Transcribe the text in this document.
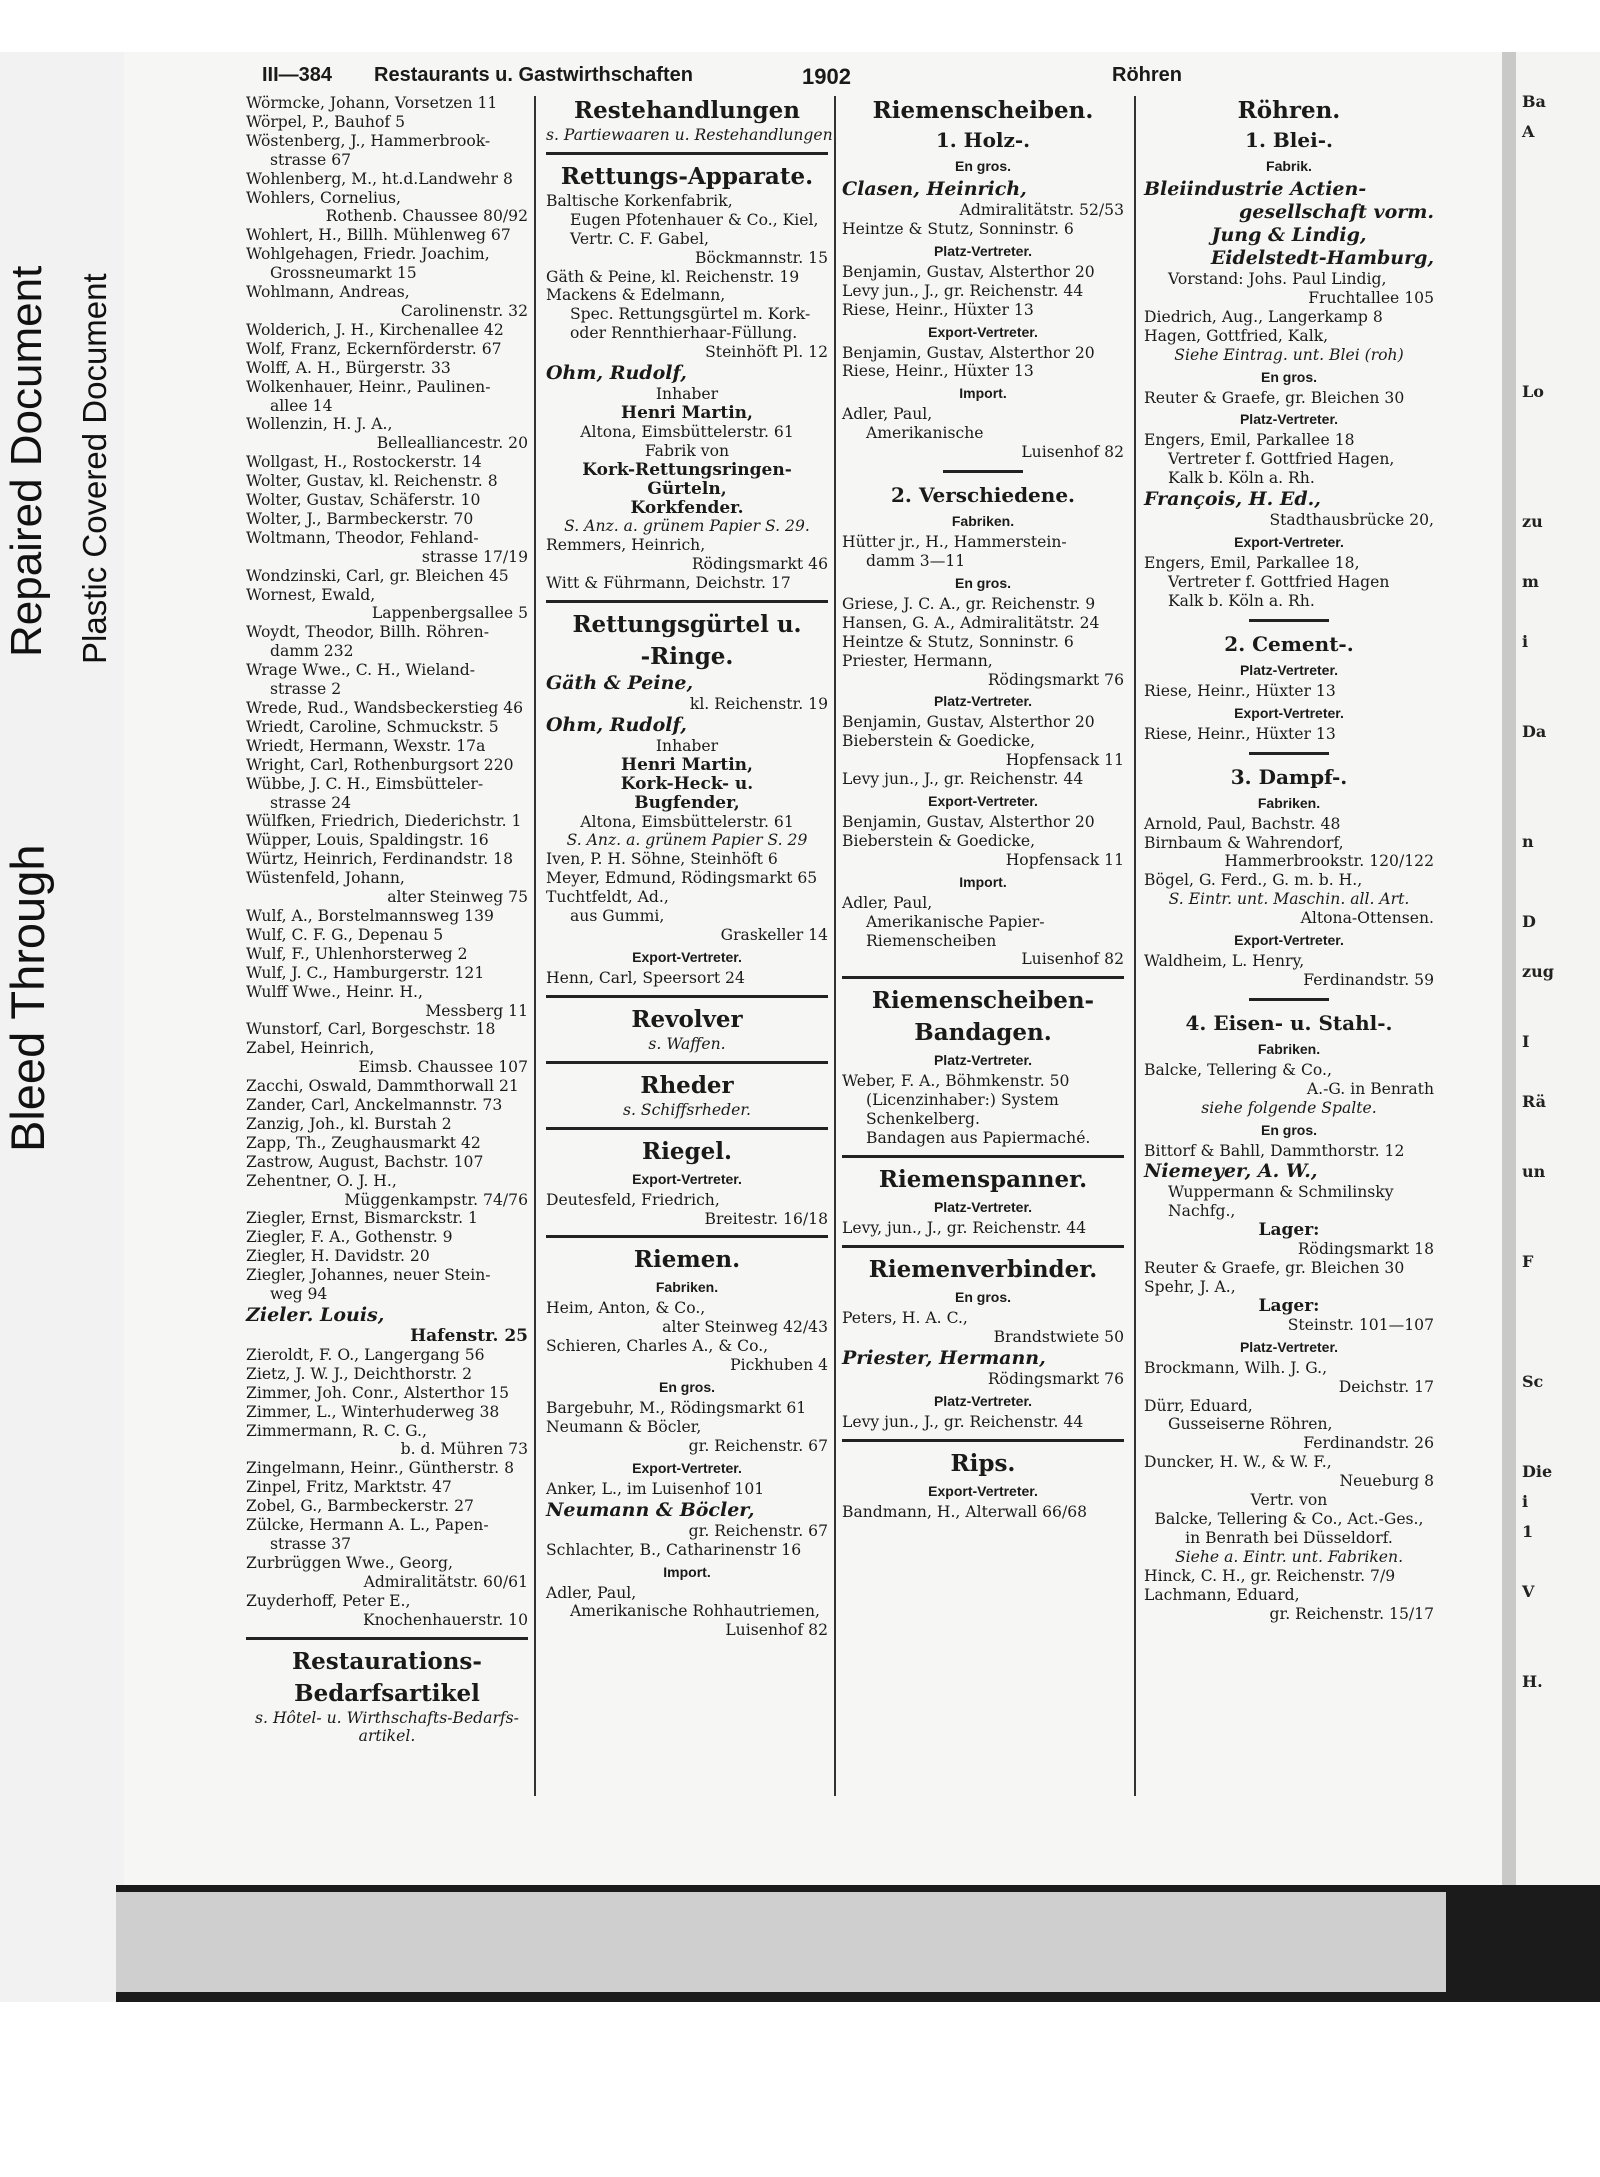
Bleed Through
Repaired Document Plastic Covered Document
Ba
A
Lo
zu
m
i
Da
n
D
zug
I
Rä
un
F
Sc
Die
i
1
V
H.
III—384 Restaurants u. Gastwirthschaften	1902	Röhren
Wörmcke, Johann, Vorsetzen 11
Wörpel, P., Bauhof 5
Wöstenberg, J., Hammerbrook-
strasse 67
Wohlenberg, M., ht.d.Landwehr 8
Wohlers, Cornelius,
Rothenb. Chaussee 80/92
Wohlert, H., Billh. Mühlenweg 67
Wohlgehagen, Friedr. Joachim,
Grossneumarkt 15
Wohlmann, Andreas,
Carolinenstr. 32
Wolderich, J. H., Kirchenallee 42
Wolf, Franz, Eckernförderstr. 67
Wolff, A. H., Bürgerstr. 33
Wolkenhauer, Heinr., Paulinen-
allee 14
Wollenzin, H. J. A.,
Bellealliancestr. 20
Wollgast, H., Rostockerstr. 14
Wolter, Gustav, kl. Reichenstr. 8
Wolter, Gustav, Schäferstr. 10
Wolter, J., Barmbeckerstr. 70
Woltmann, Theodor, Fehland-
strasse 17/19
Wondzinski, Carl, gr. Bleichen 45
Wornest, Ewald,
Lappenbergsallee 5
Woydt, Theodor, Billh. Röhren-
damm 232
Wrage Wwe., C. H., Wieland-
strasse 2
Wrede, Rud., Wandsbeckerstieg 46
Wriedt, Caroline, Schmuckstr. 5
Wriedt, Hermann, Wexstr. 17a
Wright, Carl, Rothenburgsort 220
Wübbe, J. C. H., Eimsbütteler-
strasse 24
Wülfken, Friedrich, Diederichstr. 1
Wüpper, Louis, Spaldingstr. 16
Würtz, Heinrich, Ferdinandstr. 18
Wüstenfeld, Johann,
alter Steinweg 75
Wulf, A., Borstelmannsweg 139
Wulf, C. F. G., Depenau 5
Wulf, F., Uhlenhorsterweg 2
Wulf, J. C., Hamburgerstr. 121
Wulff Wwe., Heinr. H.,
Messberg 11
Wunstorf, Carl, Borgeschstr. 18
Zabel, Heinrich,
Eimsb. Chaussee 107
Zacchi, Oswald, Dammthorwall 21
Zander, Carl, Anckelmannstr. 73
Zanzig, Joh., kl. Burstah 2
Zapp, Th., Zeughausmarkt 42
Zastrow, August, Bachstr. 107
Zehentner, O. J. H.,
Müggenkampstr. 74/76
Ziegler, Ernst, Bismarckstr. 1
Ziegler, F. A., Gothenstr. 9
Ziegler, H. Davidstr. 20
Ziegler, Johannes, neuer Stein-
weg 94
Zieler. Louis,
Hafenstr. 25
Zieroldt, F. O., Langergang 56
Zietz, J. W. J., Deichthorstr. 2
Zimmer, Joh. Conr., Alsterthor 15
Zimmer, L., Winterhuderweg 38
Zimmermann, R. C. G.,
b. d. Mühren 73
Zingelmann, Heinr., Güntherstr. 8
Zinpel, Fritz, Marktstr. 47
Zobel, G., Barmbeckerstr. 27
Zülcke, Hermann A. L., Papen-
strasse 37
Zurbrüggen Wwe., Georg,
Admiralitätstr. 60/61
Zuyderhoff, Peter E.,
Knochenhauerstr. 10
Restaurations-
Bedarfsartikel
s. Hôtel- u. Wirthschafts-Bedarfs-
artikel.
Restehandlungen
s. Partiewaaren u. Restehandlungen.
Rettungs-Apparate.
Baltische Korkenfabrik,
Eugen Pfotenhauer & Co., Kiel,
Vertr. C. F. Gabel,
Böckmannstr. 15
Gäth & Peine, kl. Reichenstr. 19
Mackens & Edelmann,
Spec. Rettungsgürtel m. Kork-
oder Rennthierhaar-Füllung.
Steinhöft Pl. 12
Ohm, Rudolf,
Inhaber
Henri Martin,
Altona, Eimsbüttelerstr. 61
Fabrik von
Kork-Rettungsringen-
Gürteln,
Korkfender.
S. Anz. a. grünem Papier S. 29.
Remmers, Heinrich,
Rödingsmarkt 46
Witt & Führmann, Deichstr. 17
Rettungsgürtel u.
-Ringe.
Gäth & Peine,
kl. Reichenstr. 19
Ohm, Rudolf,
Inhaber
Henri Martin,
Kork-Heck- u.
Bugfender,
Altona, Eimsbüttelerstr. 61
S. Anz. a. grünem Papier S. 29
Iven, P. H. Söhne, Steinhöft 6
Meyer, Edmund, Rödingsmarkt 65
Tuchtfeldt, Ad.,
aus Gummi,
Graskeller 14
Export-Vertreter.
Henn, Carl, Speersort 24
Revolver
s. Waffen.
Rheder
s. Schiffsrheder.
Riegel.
Export-Vertreter.
Deutesfeld, Friedrich,
Breitestr. 16/18
Riemen.
Fabriken.
Heim, Anton, & Co.,
alter Steinweg 42/43
Schieren, Charles A., & Co.,
Pickhuben 4
En gros.
Bargebuhr, M., Rödingsmarkt 61
Neumann & Böcler,
gr. Reichenstr. 67
Export-Vertreter.
Anker, L., im Luisenhof 101
Neumann & Böcler,
gr. Reichenstr. 67
Schlachter, B., Catharinenstr 16
Import.
Adler, Paul,
Amerikanische Rohhautriemen,
Luisenhof 82
Riemenscheiben.
1. Holz-.
En gros.
Clasen, Heinrich,
Admiralitätstr. 52/53
Heintze & Stutz, Sonninstr. 6
Platz-Vertreter.
Benjamin, Gustav, Alsterthor 20
Levy jun., J., gr. Reichenstr. 44
Riese, Heinr., Hüxter 13
Export-Vertreter.
Benjamin, Gustav, Alsterthor 20
Riese, Heinr., Hüxter 13
Import.
Adler, Paul,
Amerikanische
Luisenhof 82
2. Verschiedene.
Fabriken.
Hütter jr., H., Hammerstein-
damm 3—11
En gros.
Griese, J. C. A., gr. Reichenstr. 9
Hansen, G. A., Admiralitätstr. 24
Heintze & Stutz, Sonninstr. 6
Priester, Hermann,
Rödingsmarkt 76
Platz-Vertreter.
Benjamin, Gustav, Alsterthor 20
Bieberstein & Goedicke,
Hopfensack 11
Levy jun., J., gr. Reichenstr. 44
Export-Vertreter.
Benjamin, Gustav, Alsterthor 20
Bieberstein & Goedicke,
Hopfensack 11
Import.
Adler, Paul,
Amerikanische Papier-
Riemenscheiben
Luisenhof 82
Riemenscheiben-
Bandagen.
Platz-Vertreter.
Weber, F. A., Böhmkenstr. 50
(Licenzinhaber:) System
Schenkelberg.
Bandagen aus Papiermaché.
Riemenspanner.
Platz-Vertreter.
Levy, jun., J., gr. Reichenstr. 44
Riemenverbinder.
En gros.
Peters, H. A. C.,
Brandstwiete 50
Priester, Hermann,
Rödingsmarkt 76
Platz-Vertreter.
Levy jun., J., gr. Reichenstr. 44
Rips.
Export-Vertreter.
Bandmann, H., Alterwall 66/68
Röhren.
1. Blei-.
Fabrik.
Bleiindustrie Actien-
gesellschaft vorm.
Jung & Lindig,
Eidelstedt-Hamburg,
Vorstand: Johs. Paul Lindig,
Fruchtallee 105
Diedrich, Aug., Langerkamp 8
Hagen, Gottfried, Kalk,
Siehe Eintrag. unt. Blei (roh)
En gros.
Reuter & Graefe, gr. Bleichen 30
Platz-Vertreter.
Engers, Emil, Parkallee 18
Vertreter f. Gottfried Hagen,
Kalk b. Köln a. Rh.
François, H. Ed.,
Stadthausbrücke 20,
Export-Vertreter.
Engers, Emil, Parkallee 18,
Vertreter f. Gottfried Hagen
Kalk b. Köln a. Rh.
2. Cement-.
Platz-Vertreter.
Riese, Heinr., Hüxter 13
Export-Vertreter.
Riese, Heinr., Hüxter 13
3. Dampf-.
Fabriken.
Arnold, Paul, Bachstr. 48
Birnbaum & Wahrendorf,
Hammerbrookstr. 120/122
Bögel, G. Ferd., G. m. b. H.,
S. Eintr. unt. Maschin. all. Art.
Altona-Ottensen.
Export-Vertreter.
Waldheim, L. Henry,
Ferdinandstr. 59
4. Eisen- u. Stahl-.
Fabriken.
Balcke, Tellering & Co.,
A.-G. in Benrath
siehe folgende Spalte.
En gros.
Bittorf & Bahll, Dammthorstr. 12
Niemeyer, A. W.,
Wuppermann & Schmilinsky
Nachfg.,
Lager:
Rödingsmarkt 18
Reuter & Graefe, gr. Bleichen 30
Spehr, J. A.,
Lager:
Steinstr. 101—107
Platz-Vertreter.
Brockmann, Wilh. J. G.,
Deichstr. 17
Dürr, Eduard,
Gusseiserne Röhren,
Ferdinandstr. 26
Duncker, H. W., & W. F.,
Neueburg 8
Vertr. von
Balcke, Tellering & Co., Act.-Ges.,
in Benrath bei Düsseldorf.
Siehe a. Eintr. unt. Fabriken.
Hinck, C. H., gr. Reichenstr. 7/9
Lachmann, Eduard,
gr. Reichenstr. 15/17
